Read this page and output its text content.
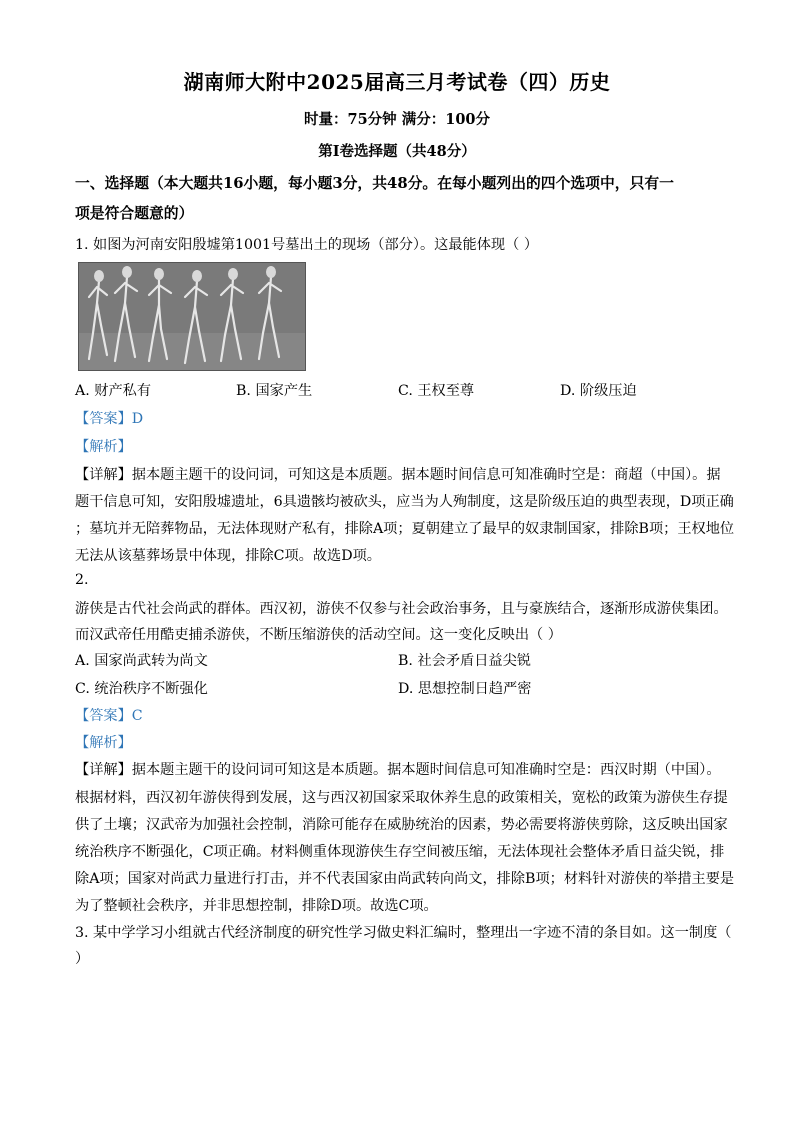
湖南师大附中2025届高三月考试卷（四）历史
时量：75分钟 满分：100分
第Ⅰ卷选择题（共48分）
一、选择题（本大题共16小题，每小题3分，共48分。在每小题列出的四个选项中，只有一
项是符合题意的）
1. 如图为河南安阳殷墟第1001号墓出土的现场（部分）。这最能体现（ ）
A. 财产私有	B. 国家产生	C. 王权至尊	D. 阶级压迫
【答案】D
【解析】
【详解】据本题主题干的设问词，可知这是本质题。据本题时间信息可知准确时空是：商超（中国）。据
题干信息可知，安阳殷墟遗址，6具遗骸均被砍头，应当为人殉制度，这是阶级压迫的典型表现，D项正确
；墓坑并无陪葬物品，无法体现财产私有，排除A项；夏朝建立了最早的奴隶制国家，排除B项；王权地位
无法从该墓葬场景中体现，排除C项。故选D项。
2.
游侠是古代社会尚武的群体。西汉初，游侠不仅参与社会政治事务，且与豪族结合，逐渐形成游侠集团。
而汉武帝任用酷吏捕杀游侠，不断压缩游侠的活动空间。这一变化反映出（ ）
A. 国家尚武转为尚文	B. 社会矛盾日益尖锐
C. 统治秩序不断强化	D. 思想控制日趋严密
【答案】C
【解析】
【详解】据本题主题干的设问词可知这是本质题。据本题时间信息可知准确时空是：西汉时期（中国）。
根据材料，西汉初年游侠得到发展，这与西汉初国家采取休养生息的政策相关，宽松的政策为游侠生存提
供了土壤；汉武帝为加强社会控制，消除可能存在威胁统治的因素，势必需要将游侠剪除，这反映出国家
统治秩序不断强化，C项正确。材料侧重体现游侠生存空间被压缩，无法体现社会整体矛盾日益尖锐，排
除A项；国家对尚武力量进行打击，并不代表国家由尚武转向尚文，排除B项；材料针对游侠的举措主要是
为了整顿社会秩序，并非思想控制，排除D项。故选C项。
3. 某中学学习小组就古代经济制度的研究性学习做史料汇编时，整理出一字迹不清的条目如。这一制度（
）
